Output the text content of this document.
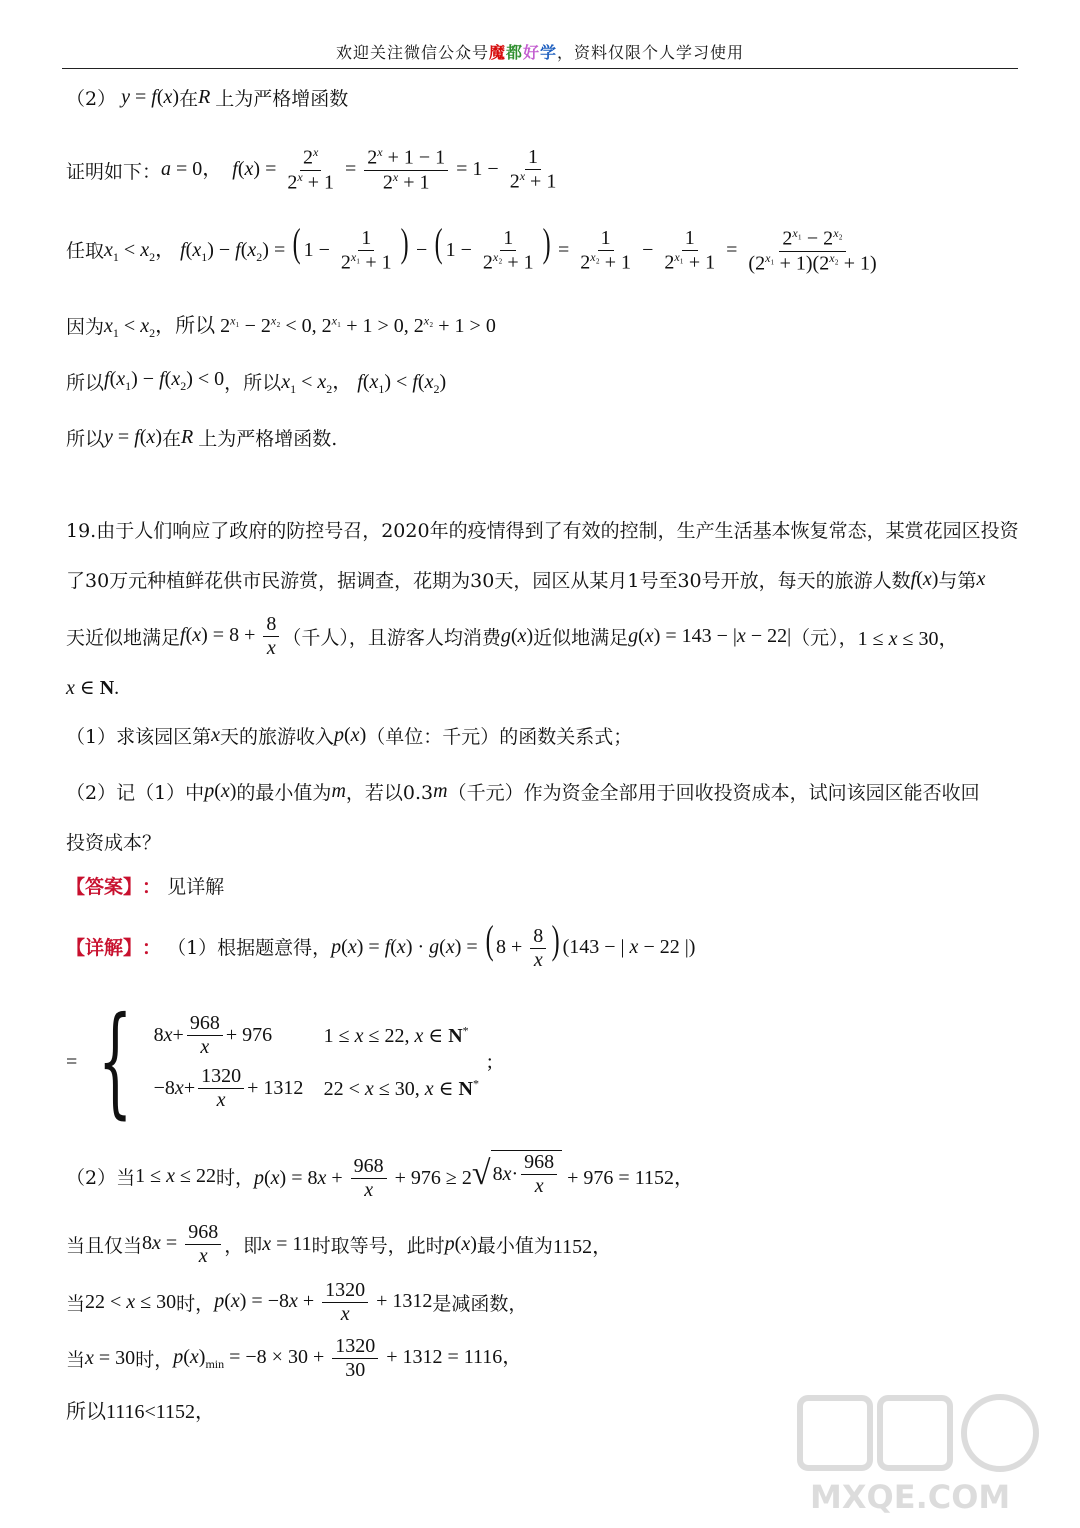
欢迎关注微信公众号魔都好学，资料仅限个人学习使用
（2） y = f(x) 在 R 上为严格增函数
证明如下： a = 0，  $f(x) = \frac{2^x}{2^x + 1} = \frac{2^x + 1 - 1}{2^x + 1} = 1 - \frac{1}{2^x + 1}$
任取 $x_1 < x_2$， $f(x_1) - f(x_2)$ = ( $1 - \frac{1}{2^{x_1} + 1}$ ) − ( $1 - \frac{1}{2^{x_2} + 1}$ ) = $\frac{1}{2^{x_2} + 1} - \frac{1}{2^{x_1} + 1} = \frac{2^{x_1} - 2^{x_2}}{(2^{x_1} + 1)(2^{x_2} + 1)}$
因为 $x_1 < x_2$，所以 $2^{x_1} - 2^{x_2} < 0$, $2^{x_1} + 1 > 0$, $2^{x_2} + 1 > 0$
所以 $f(x_1) - f(x_2) < 0$ ，所以 $x_1 < x_2$， $f(x_1) < f(x_2)$
所以 y = f(x) 在 R 上为严格增函数.
19.由于人们响应了政府的防控号召，2020年的疫情得到了有效的控制，生产生活基本恢复常态，某赏花园区投资
了30万元种植鲜花供市民游赏，据调查，花期为30天，园区从某月1号至30号开放，每天的旅游人数 f(x) 与第 x
天近似地满足 $f(x) = 8 + \frac{8}{x}$ （千人），且游客人均消费 g(x) 近似地满足 g(x) = 143 − |x − 22| （元）， 1 ≤ x ≤ 30，
x ∈ N.
（1）求该园区第 x 天的旅游收入 p(x) （单位：千元）的函数关系式；
（2）记（1）中 p(x) 的最小值为 m ，若以0.3 m （千元）作为资金全部用于回收投资成本，试问该园区能否收回
投资成本？
【答案】 ：
见详解
【详解】 ：
（1）根据题意得， p(x) = f(x) · g(x) = ( $8 + \frac{8}{x}$ ) (143 − | x − 22 |)
= { 8 $x + \frac{968}{x} + 976$	1 ≤ x ≤ 22, x ∈ N*
−8 $x + \frac{1320}{x} + 1312$	22 < x ≤ 30, x ∈ N*
;
（2）当 1 ≤ x ≤ 22 时， $p(x) = 8x + \frac{968}{x} + 976 \ge 2$ √ 8 $x \cdot \frac{968}{x} + 976 = 1152$，
当且仅当 $8x = \frac{968}{x}$ ，即 x = 11 时取等号，此时 p(x) 最小值为 1152，
当 22 < x ≤ 30 时， $p(x) = -8x + \frac{1320}{x} + 1312$ 是减函数，
当 x = 30 时， $p(x)_{min} = -8 \times 30 + \frac{1320}{30} + 1312 = 1116$，
所以1116<1152，
MXQE.COM
